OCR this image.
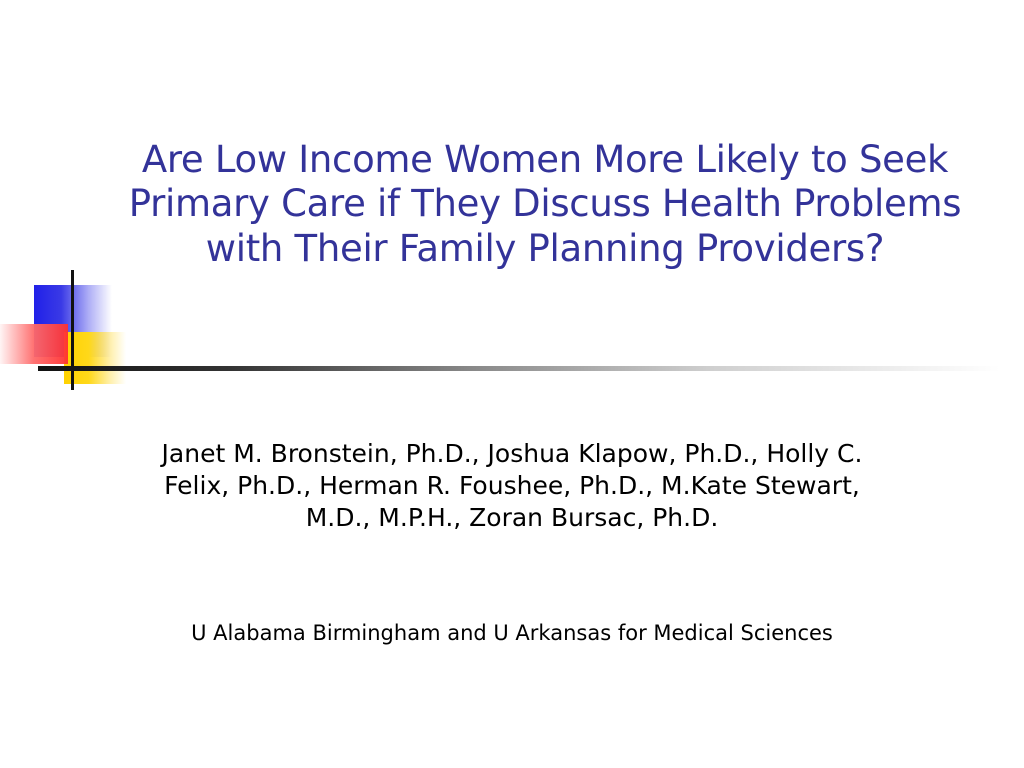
Are Low Income Women More Likely to Seek Primary Care if They Discuss Health Problems with Their Family Planning Providers?

Janet M. Bronstein, Ph.D., Joshua Klapow, Ph.D., Holly C. Felix, Ph.D., Herman R. Foushee, Ph.D., M.Kate Stewart, M.D., M.P.H., Zoran Bursac, Ph.D.

U Alabama Birmingham and U Arkansas for Medical Sciences
